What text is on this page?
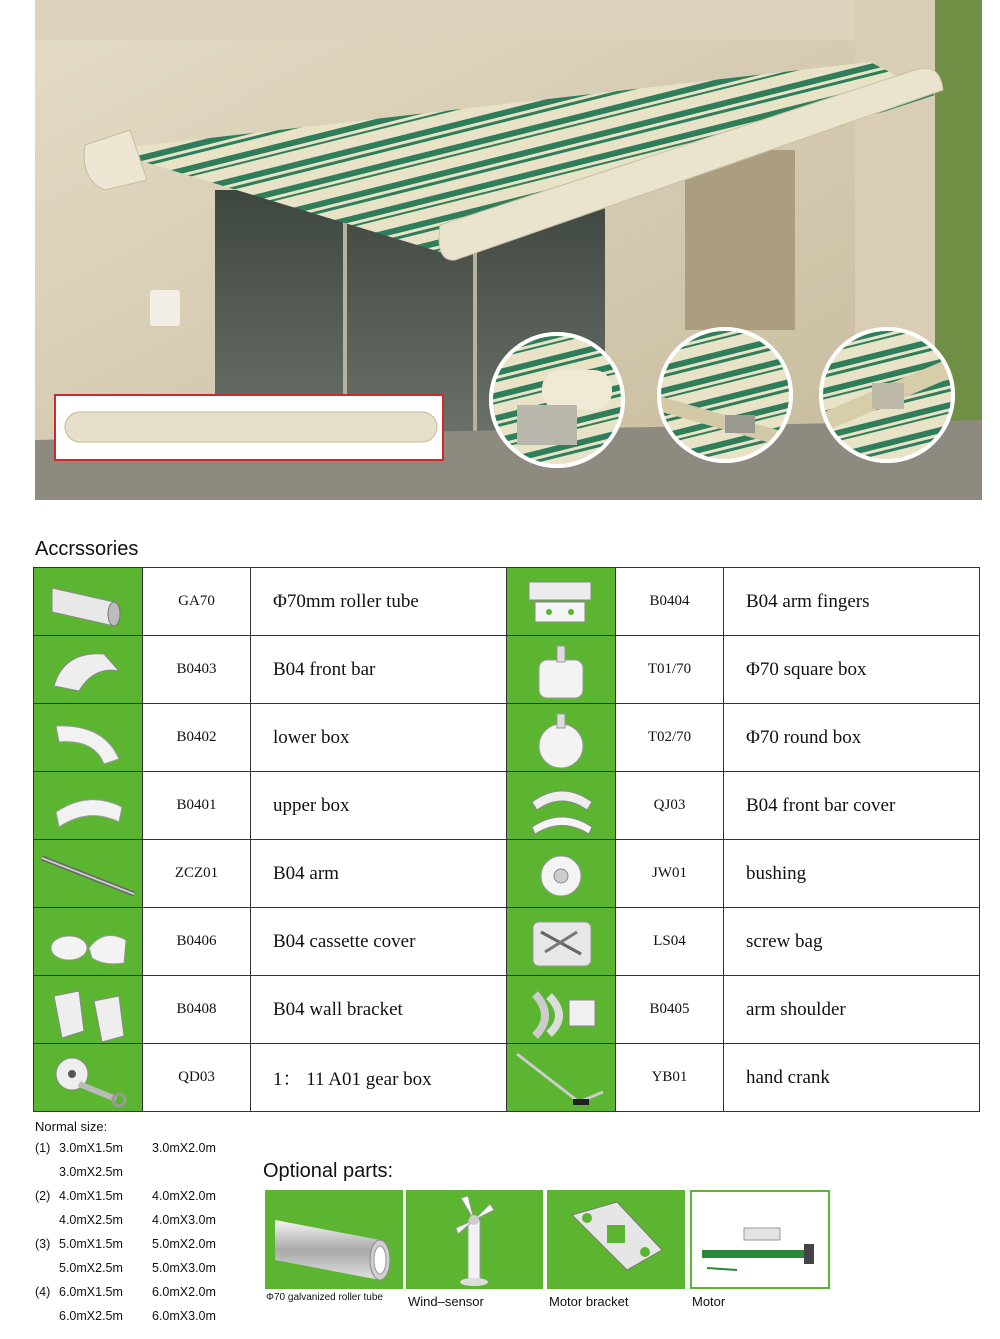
Accrssories
	GA70	Φ70mm roller tube		B0404	B04 arm fingers

	B0403	B04 front bar		T01/70	Φ70 square box

	B0402	lower box		T02/70	Φ70 round box

	B0401	upper box		QJ03	B04 front bar cover

	ZCZ01	B04 arm		JW01	bushing

	B0406	B04 cassette cover		LS04	screw bag

	B0408	B04 wall bracket		B0405	arm shoulder

	QD03	1： 11 A01 gear box		YB01	hand crank
Normal size:
(1) 3.0mX1.5m 3.0mX2.0m
3.0mX2.5m
(2) 4.0mX1.5m 4.0mX2.0m
4.0mX2.5m 4.0mX3.0m
(3) 5.0mX1.5m 5.0mX2.0m
5.0mX2.5m 5.0mX3.0m
(4) 6.0mX1.5m 6.0mX2.0m
6.0mX2.5m 6.0mX3.0m
Optional parts:
Φ70 galvanized roller tube Wind–sensor	Motor bracket	Motor
